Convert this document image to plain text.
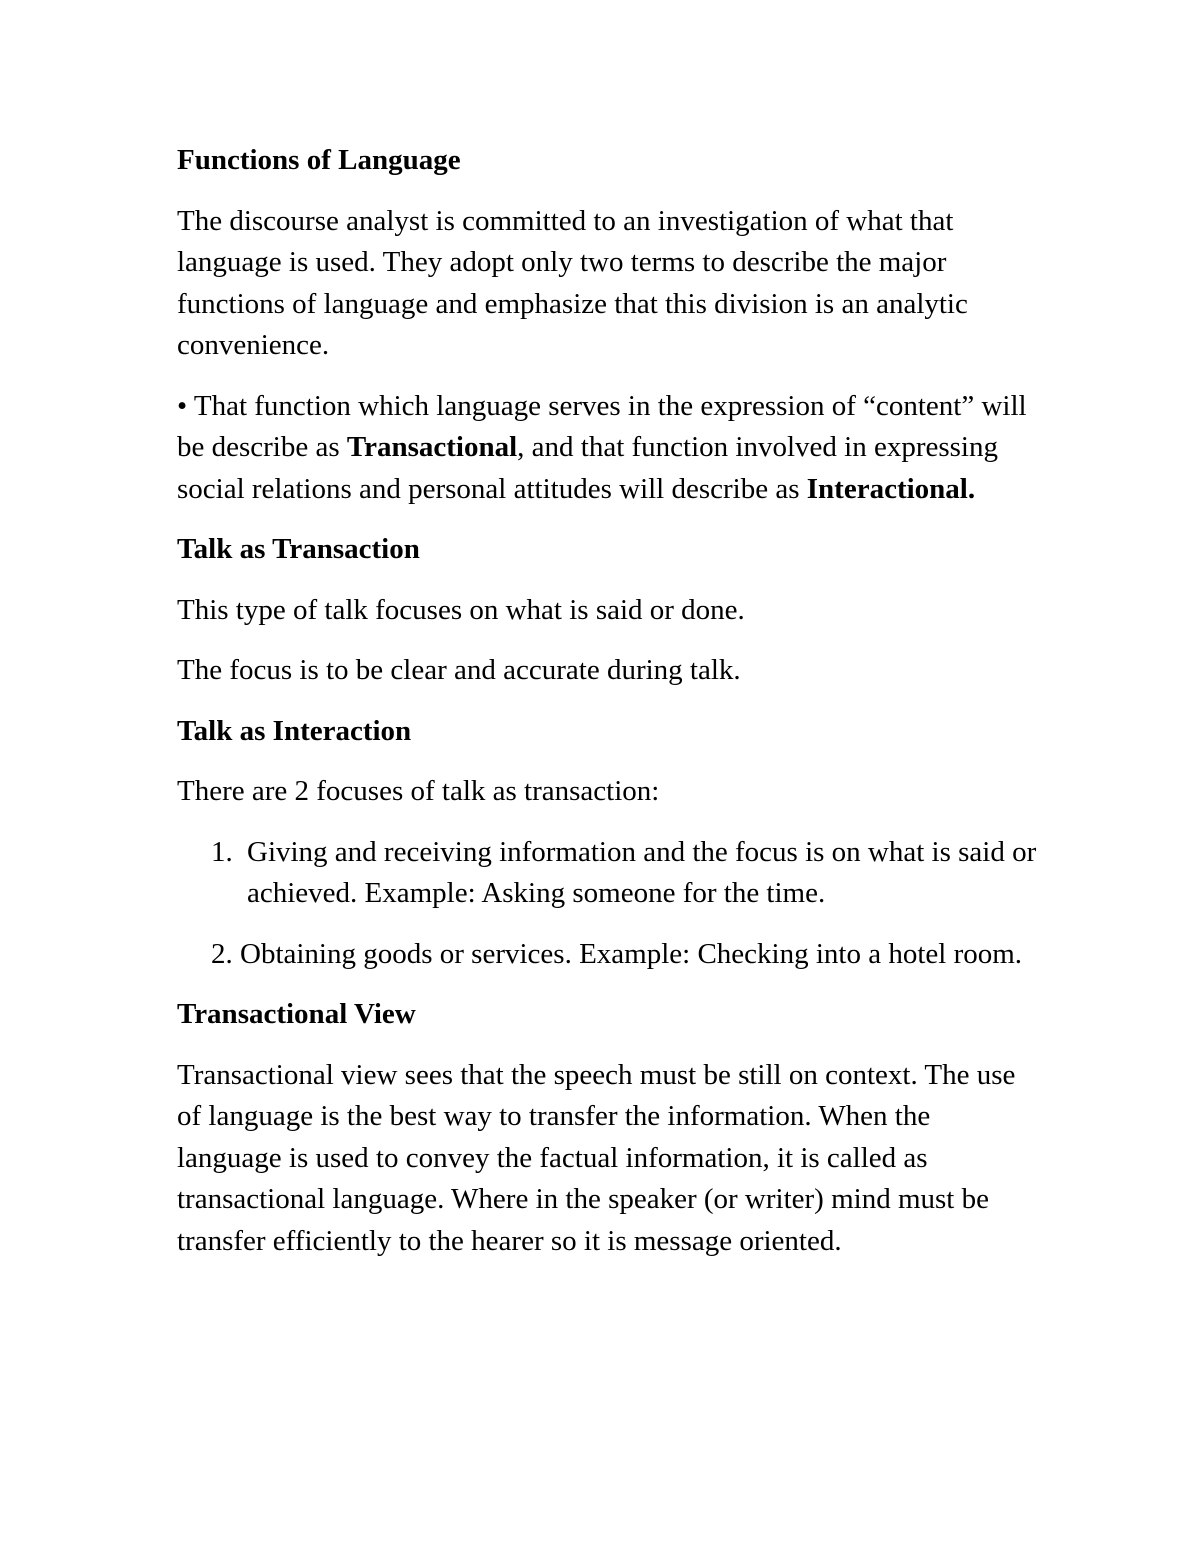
Functions of Language

The discourse analyst is committed to an investigation of what that language is used. They adopt only two terms to describe the major functions of language and emphasize that this division is an analytic convenience.

• That function which language serves in the expression of “content” will be describe as Transactional, and that function involved in expressing social relations and personal attitudes will describe as Interactional.

Talk as Transaction

This type of talk focuses on what is said or done.

The focus is to be clear and accurate during talk.

Talk as Interaction

There are 2 focuses of talk as transaction:

1. Giving and receiving information and the focus is on what is said or achieved. Example: Asking someone for the time.
2. Obtaining goods or services. Example: Checking into a hotel room.
Transactional View

Transactional view sees that the speech must be still on context. The use of language is the best way to transfer the information. When the language is used to convey the factual information, it is called as transactional language. Where in the speaker (or writer) mind must be transfer efficiently to the hearer so it is message oriented.
